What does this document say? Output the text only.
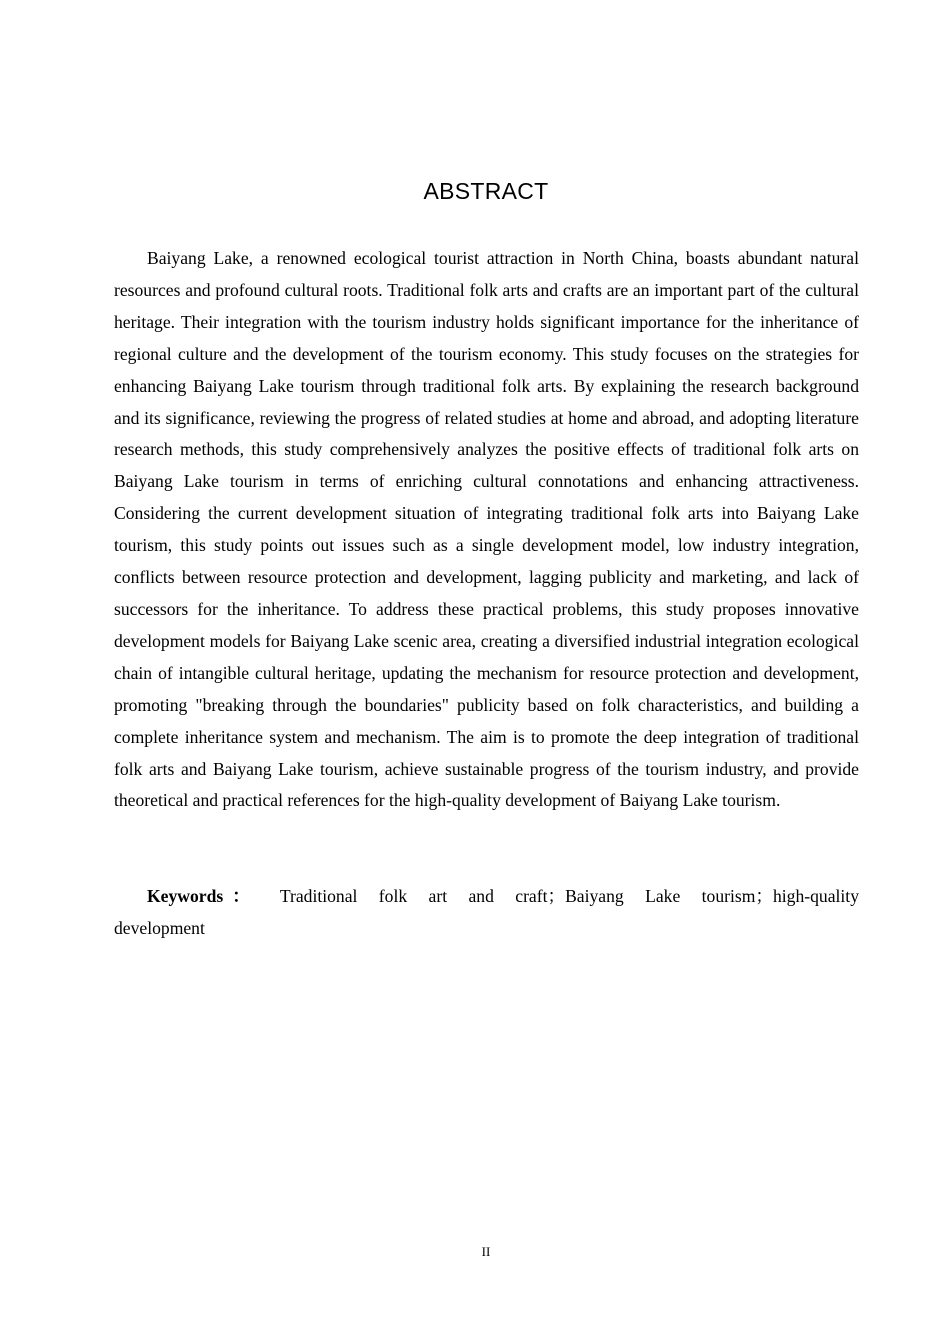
ABSTRACT

Baiyang Lake, a renowned ecological tourist attraction in North China, boasts abundant natural resources and profound cultural roots. Traditional folk arts and crafts are an important part of the cultural heritage. Their integration with the tourism industry holds significant importance for the inheritance of regional culture and the development of the tourism economy. This study focuses on the strategies for enhancing Baiyang Lake tourism through traditional folk arts. By explaining the research background and its significance, reviewing the progress of related studies at home and abroad, and adopting literature research methods, this study comprehensively analyzes the positive effects of traditional folk arts on Baiyang Lake tourism in terms of enriching cultural connotations and enhancing attractiveness. Considering the current development situation of integrating traditional folk arts into Baiyang Lake tourism, this study points out issues such as a single development model, low industry integration, conflicts between resource protection and development, lagging publicity and marketing, and lack of successors for the inheritance. To address these practical problems, this study proposes innovative development models for Baiyang Lake scenic area, creating a diversified industrial integration ecological chain of intangible cultural heritage, updating the mechanism for resource protection and development, promoting "breaking through the boundaries" publicity based on folk characteristics, and building a complete inheritance system and mechanism. The aim is to promote the deep integration of traditional folk arts and Baiyang Lake tourism, achieve sustainable progress of the tourism industry, and provide theoretical and practical references for the high-quality development of Baiyang Lake tourism.

Keywords： Traditional folk art and craft；Baiyang Lake tourism；high-quality development

II
